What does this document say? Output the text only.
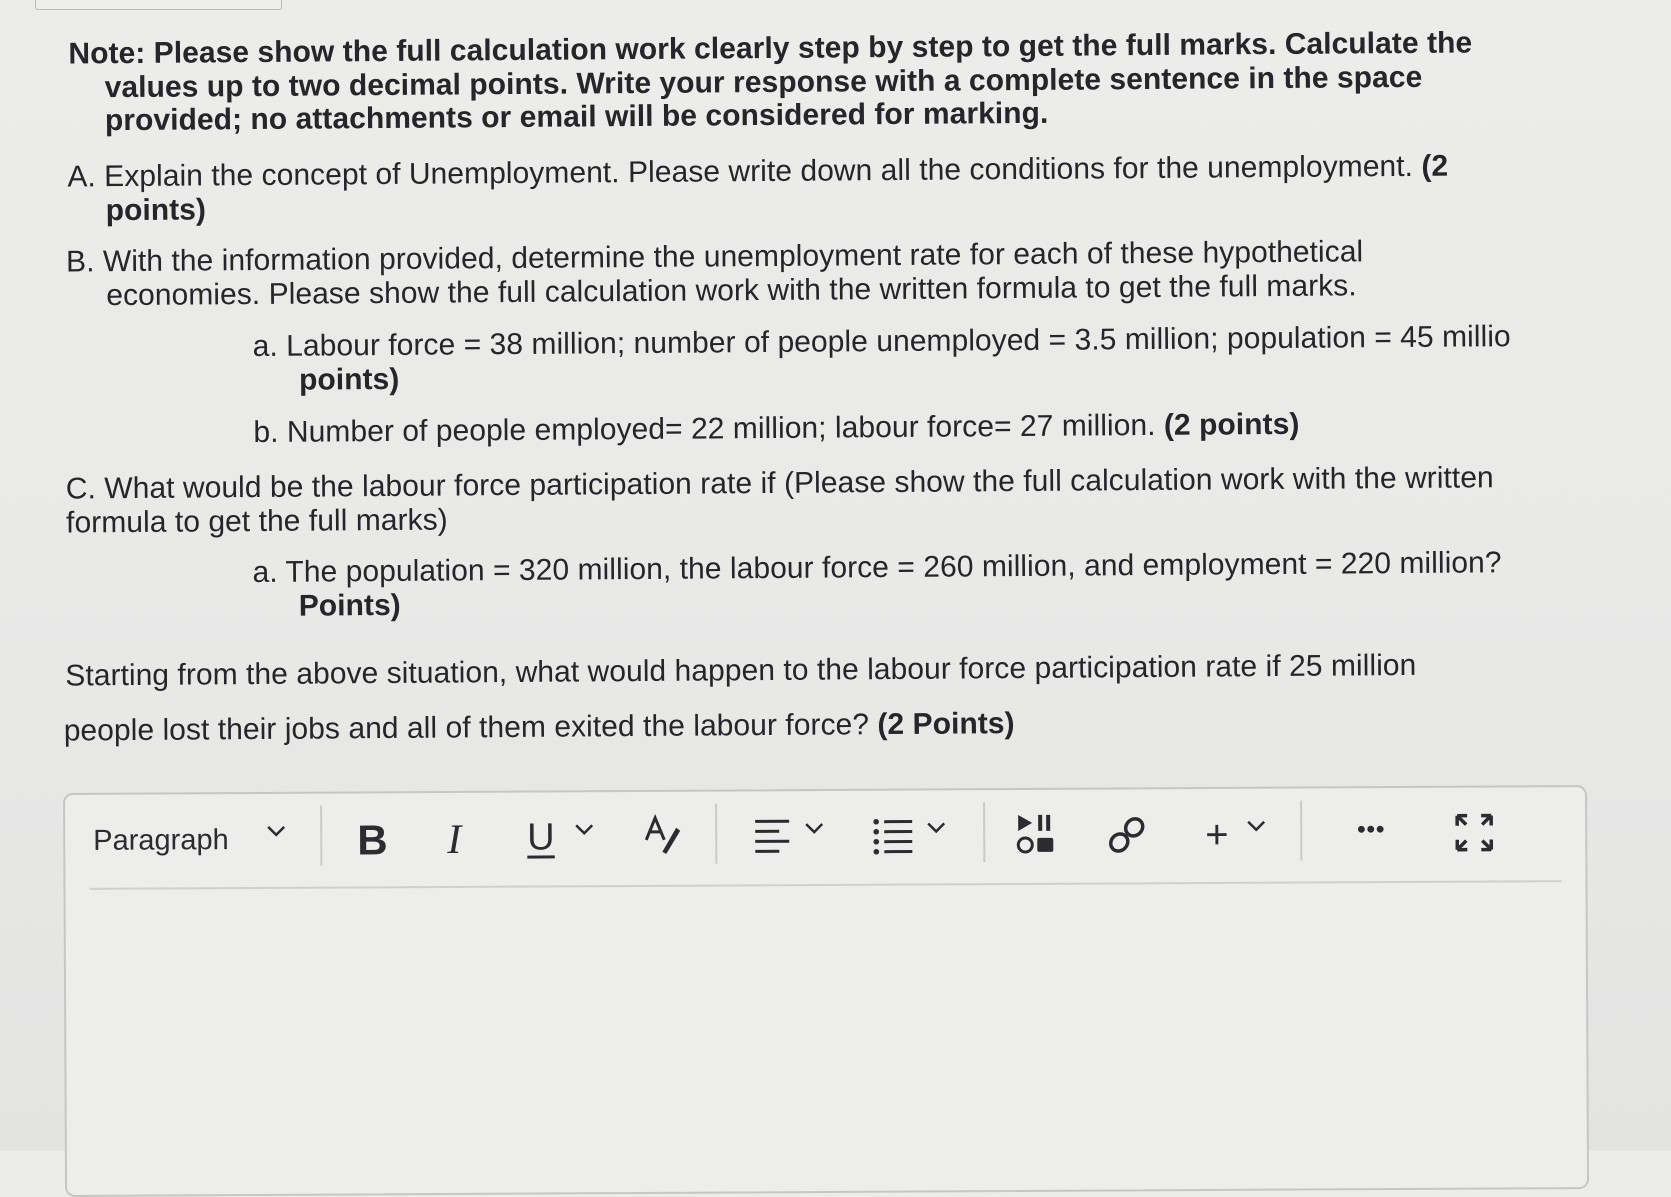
Note: Please show the full calculation work clearly step by step to get the full marks. Calculate the
values up to two decimal points. Write your response with a complete sentence in the space
provided; no attachments or email will be considered for marking.
A. Explain the concept of Unemployment. Please write down all the conditions for the unemployment. (2
points)
B. With the information provided, determine the unemployment rate for each of these hypothetical
economies. Please show the full calculation work with the written formula to get the full marks.
a. Labour force = 38 million; number of people unemployed = 3.5 million; population = 45 millio
points)
b. Number of people employed= 22 million; labour force= 27 million. (2 points)
C. What would be the labour force participation rate if (Please show the full calculation work with the written
formula to get the full marks)
a. The population = 320 million, the labour force = 260 million, and employment = 220 million?
Points)
Starting from the above situation, what would happen to the labour force participation rate if 25 million
people lost their jobs and all of them exited the labour force? (2 Points)
Paragraph	B I U	+	•••
